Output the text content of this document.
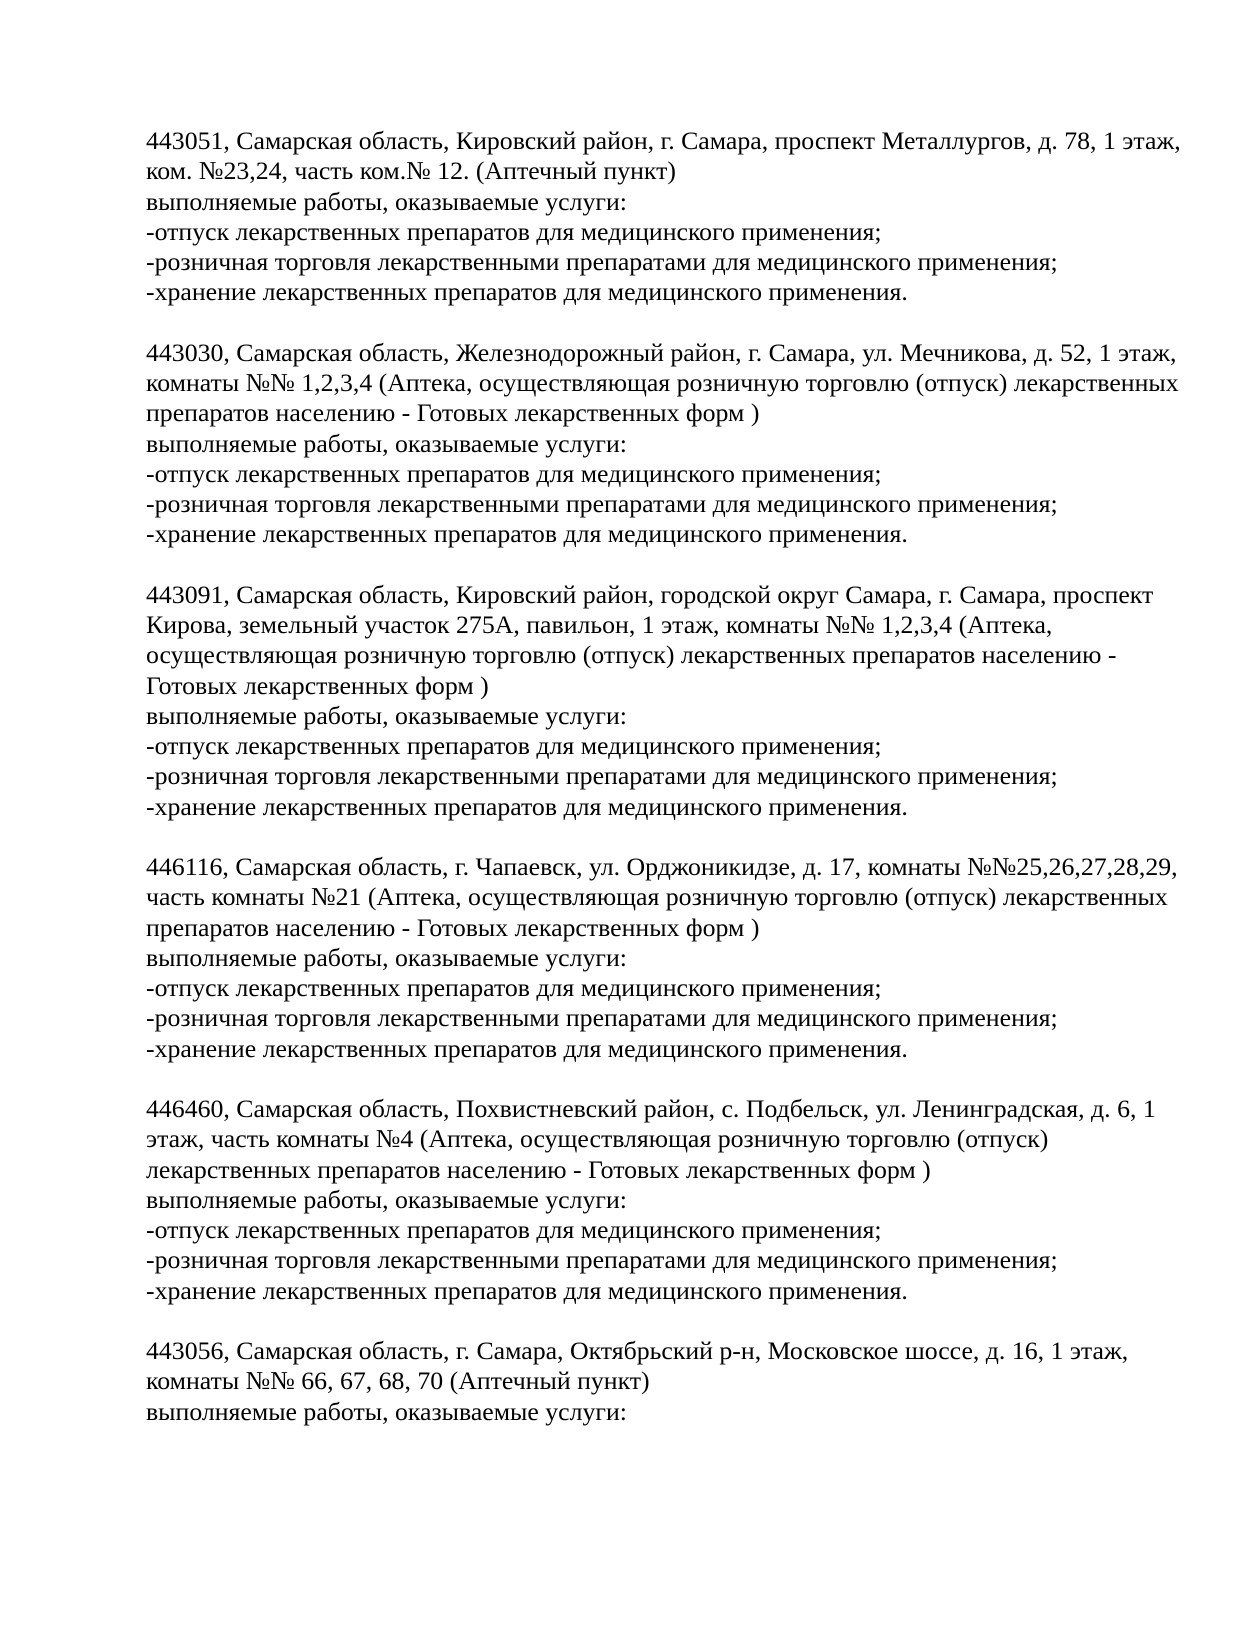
443051, Самарская область, Кировский район, г. Самара, проспект Металлургов, д. 78, 1 этаж, ком. №23,24, часть ком.№ 12. (Аптечный пункт)

выполняемые работы, оказываемые услуги:

-отпуск лекарственных препаратов для медицинского применения;

-розничная торговля лекарственными препаратами для медицинского применения;

-хранение лекарственных препаратов для медицинского применения.

443030, Самарская область, Железнодорожный район, г. Самара, ул. Мечникова, д. 52, 1 этаж, комнаты №№ 1,2,3,4 (Аптека, осуществляющая розничную торговлю (отпуск) лекарственных препаратов населению - Готовых лекарственных форм )

выполняемые работы, оказываемые услуги:

-отпуск лекарственных препаратов для медицинского применения;

-розничная торговля лекарственными препаратами для медицинского применения;

-хранение лекарственных препаратов для медицинского применения.

443091, Самарская область, Кировский район, городской округ Самара, г. Самара, проспект Кирова, земельный участок 275А, павильон, 1 этаж, комнаты №№ 1,2,3,4 (Аптека, осуществляющая розничную торговлю (отпуск) лекарственных препаратов населению - Готовых лекарственных форм )

выполняемые работы, оказываемые услуги:

-отпуск лекарственных препаратов для медицинского применения;

-розничная торговля лекарственными препаратами для медицинского применения;

-хранение лекарственных препаратов для медицинского применения.

446116, Самарская область, г. Чапаевск, ул. Орджоникидзе, д. 17, комнаты №№25,26,27,28,29, часть комнаты №21 (Аптека, осуществляющая розничную торговлю (отпуск) лекарственных препаратов населению - Готовых лекарственных форм )

выполняемые работы, оказываемые услуги:

-отпуск лекарственных препаратов для медицинского применения;

-розничная торговля лекарственными препаратами для медицинского применения;

-хранение лекарственных препаратов для медицинского применения.

446460, Самарская область, Похвистневский район, с. Подбельск, ул. Ленинградская, д. 6, 1 этаж, часть комнаты №4 (Аптека, осуществляющая розничную торговлю (отпуск) лекарственных препаратов населению - Готовых лекарственных форм )

выполняемые работы, оказываемые услуги:

-отпуск лекарственных препаратов для медицинского применения;

-розничная торговля лекарственными препаратами для медицинского применения;

-хранение лекарственных препаратов для медицинского применения.

443056, Самарская область, г. Самара, Октябрьский р-н, Московское шоссе, д. 16, 1 этаж, комнаты №№ 66, 67, 68, 70 (Аптечный пункт)

выполняемые работы, оказываемые услуги:
